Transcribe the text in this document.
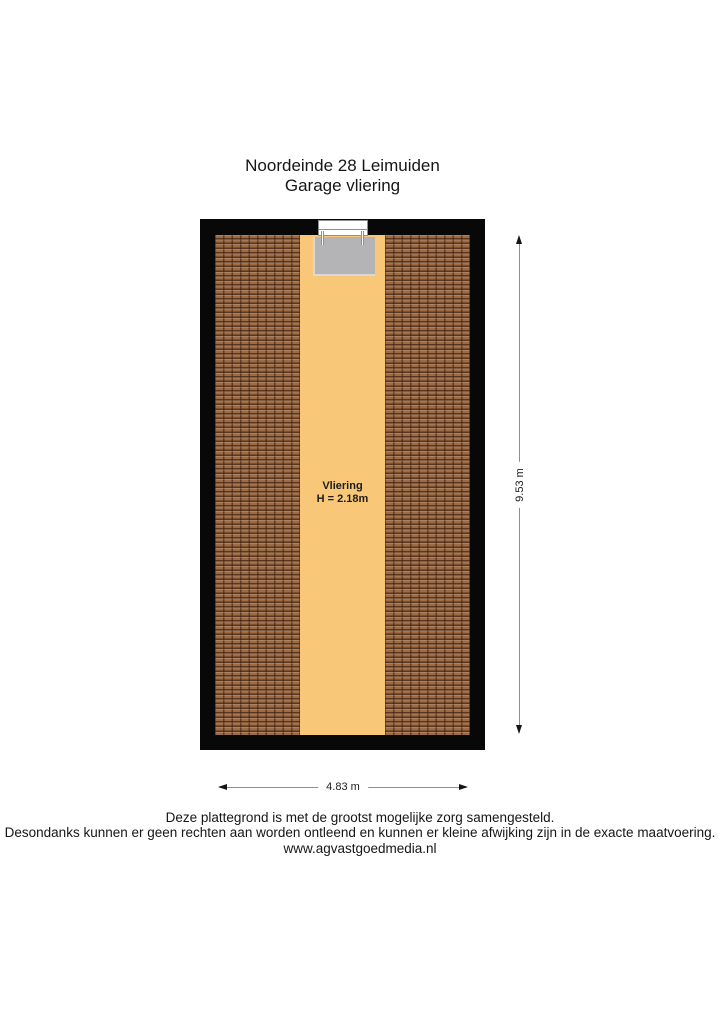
Noordeinde 28 Leimuiden
Garage vliering
Vliering
H = 2.18m	9.53 m
4.83 m
Deze plattegrond is met de grootst mogelijke zorg samengesteld.
Desondanks kunnen er geen rechten aan worden ontleend en kunnen er kleine afwijking zijn in de exacte maatvoering.
www.agvastgoedmedia.nl
